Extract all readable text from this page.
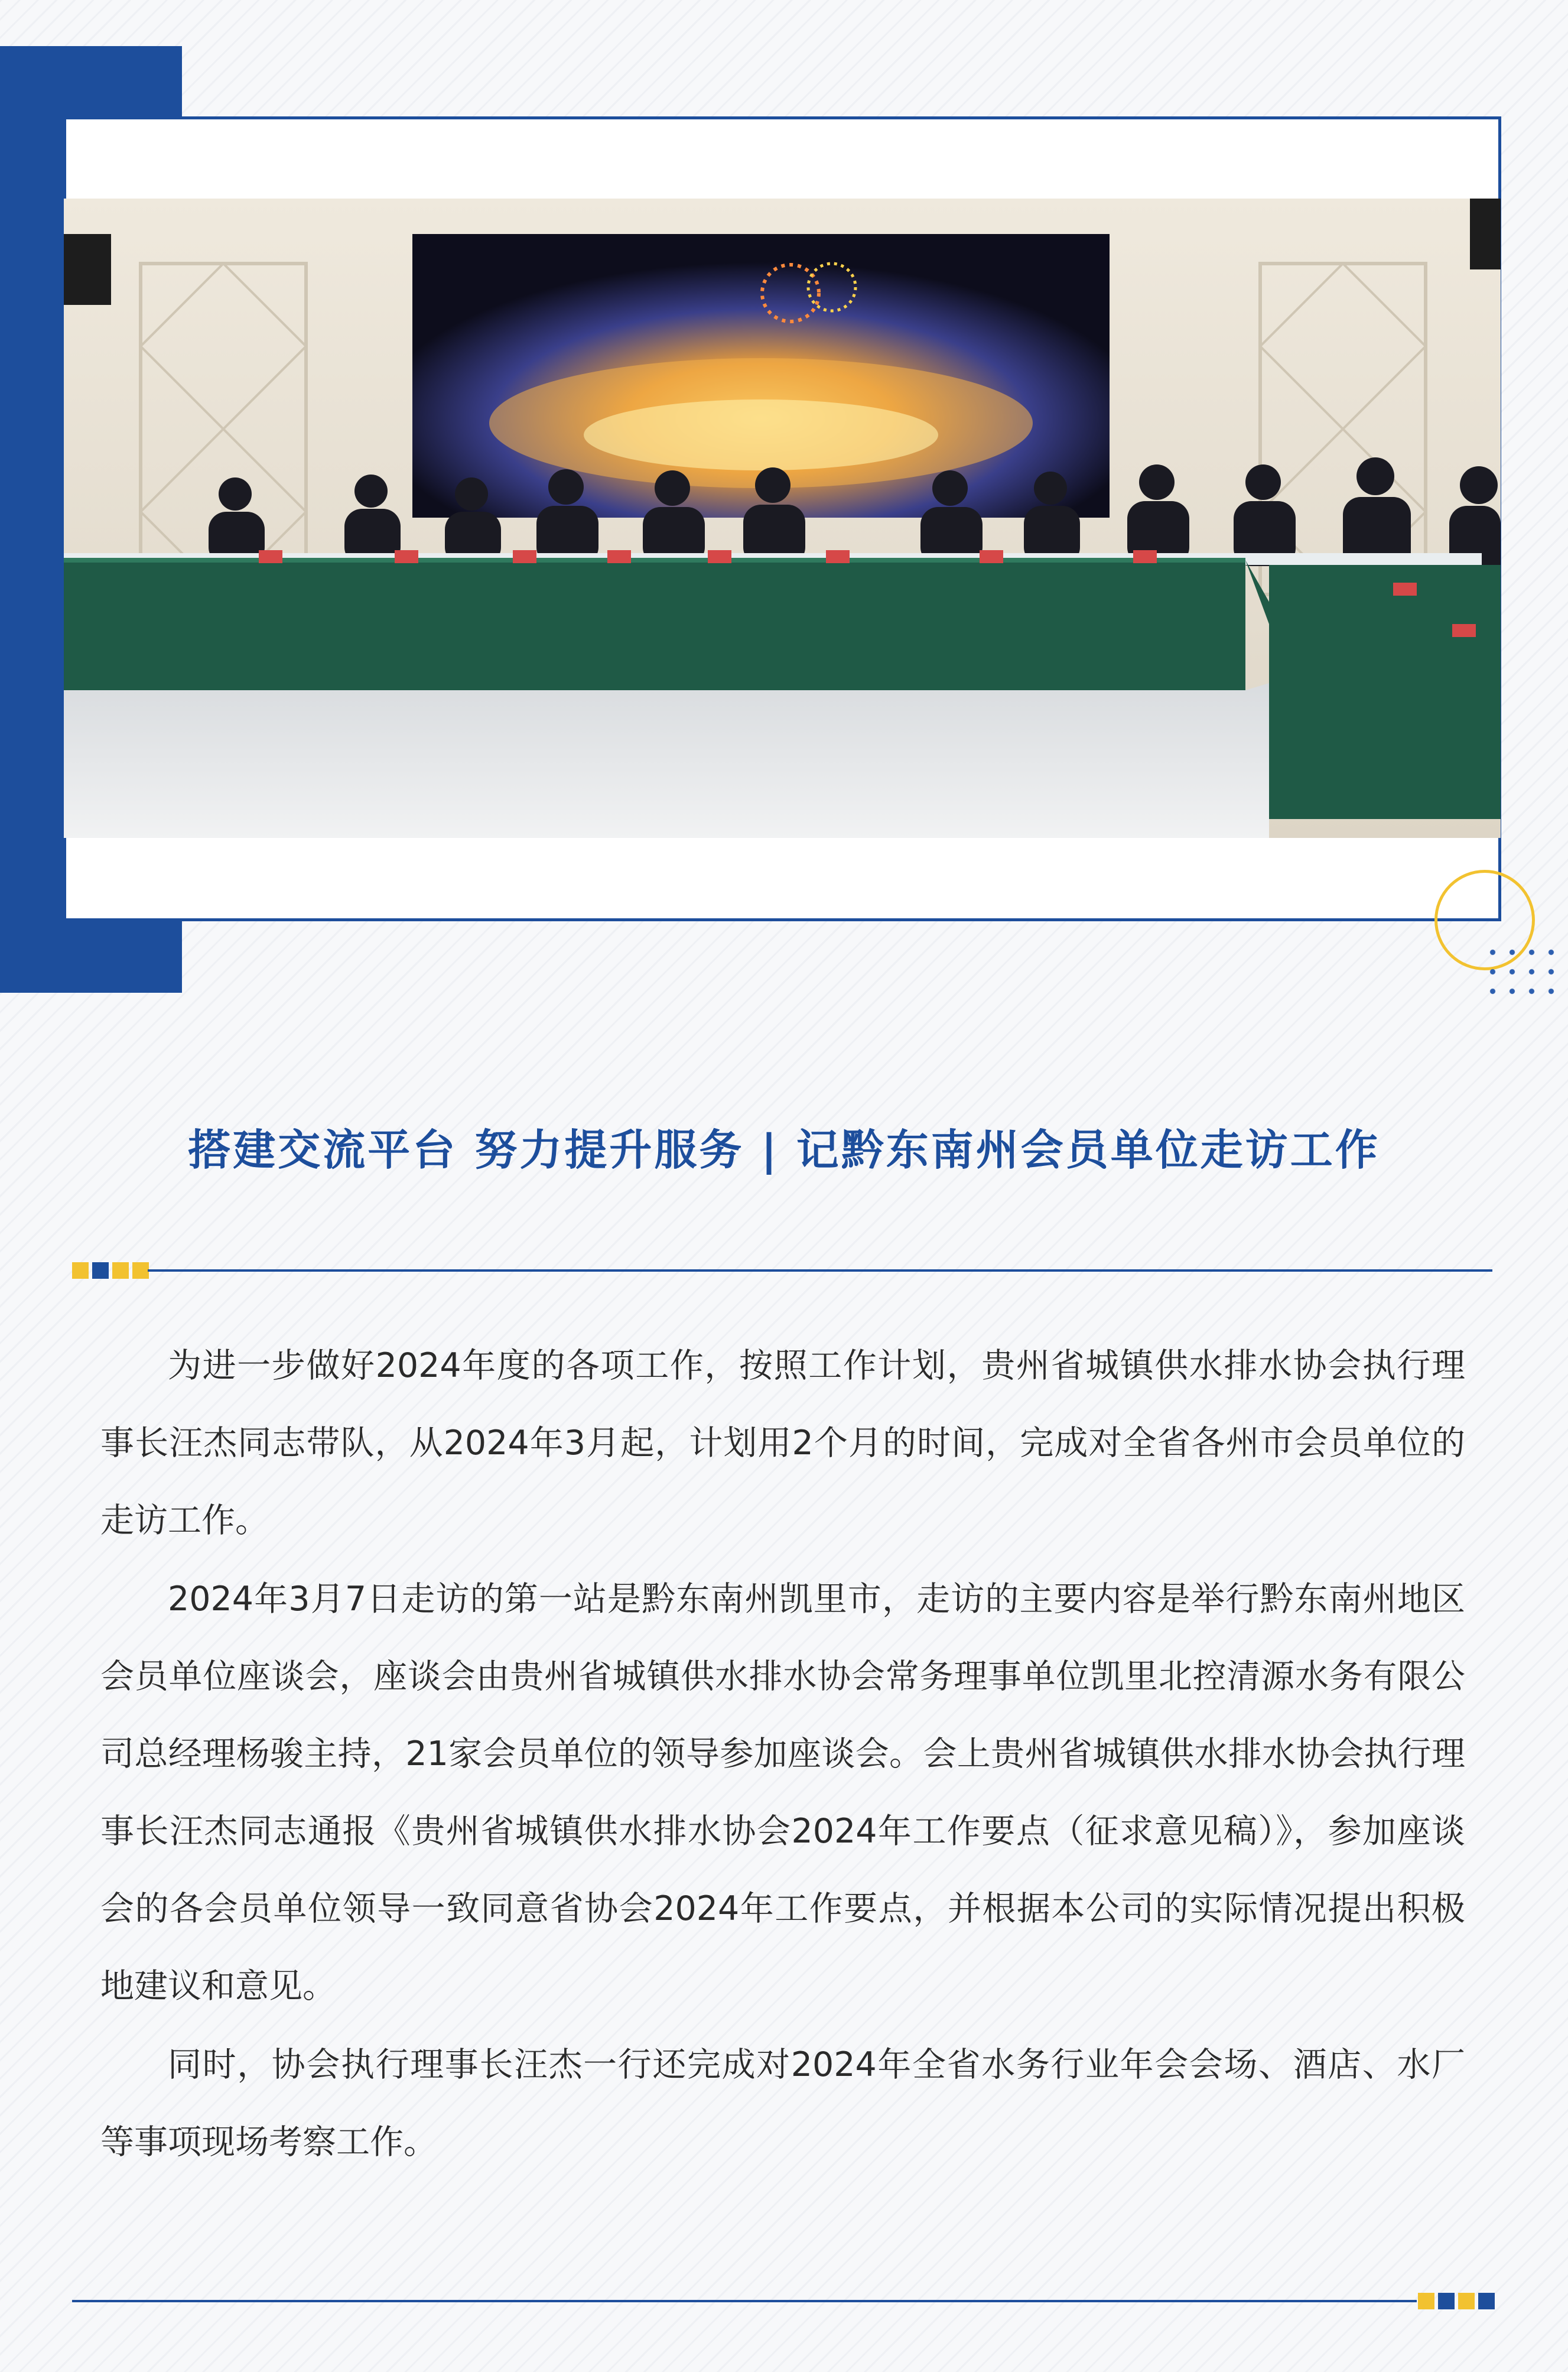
搭建交流平台 努力提升服务 | 记黔东南州会员单位走访工作

为进一步做好2024年度的各项工作，按照工作计划，贵州省城镇供水排水协会执行理事长汪杰同志带队，从2024年3月起，计划用2个月的时间，完成对全省各州市会员单位的走访工作。

2024年3月7日走访的第一站是黔东南州凯里市，走访的主要内容是举行黔东南州地区会员单位座谈会，座谈会由贵州省城镇供水排水协会常务理事单位凯里北控清源水务有限公司总经理杨骏主持，21家会员单位的领导参加座谈会。会上贵州省城镇供水排水协会执行理事长汪杰同志通报《贵州省城镇供水排水协会2024年工作要点（征求意见稿）》，参加座谈会的各会员单位领导一致同意省协会2024年工作要点，并根据本公司的实际情况提出积极地建议和意见。

同时，协会执行理事长汪杰一行还完成对2024年全省水务行业年会会场、酒店、水厂等事项现场考察工作。
